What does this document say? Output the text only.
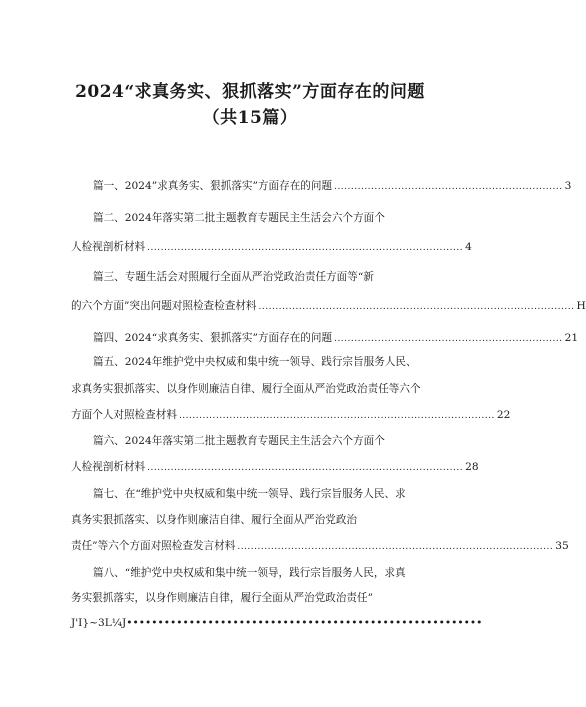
2024“求真务实、狠抓落实”方面存在的问题
（共15篇）
篇一、2024”求真务实、狠抓落实”方面存在的问题 .................................................................... 3
篇二、2024年落实第二批主题教育专题民主生活会六个方面个
人检视剖析材料 .............................................................................................. 4
篇三、专题生活会对照履行全面从严治党政治责任方面等“新
的六个方面”突出问题对照检查检查材料 .............................................................................................. H
篇四、2024“求真务实、狠抓落实”方面存在的问题 .................................................................... 21
篇五、2024年维护党中央权威和集中统一领导、践行宗旨服务人民、
求真务实狠抓落实、以身作则廉洁自律、履行全面从严治党政治责任等六个
方面个人对照检查材料 .............................................................................................. 22
篇六、2024年落实第二批主题教育专题民主生活会六个方面个
人检视剖析材料 .............................................................................................. 28
篇七、在“维护党中央权威和集中统一领导、践行宗旨服务人民、求
真务实狠抓落实、以身作则廉洁自律、履行全面从严治党政治
责任”等六个方面对照检查发言材料 .............................................................................................. 35
篇八、“维护党中央权威和集中统一领导，践行宗旨服务人民，求真
务实狠抓落实，以身作则廉洁自律，履行全面从严治党政治责任”
J'I}~3L¼J•••••••••••••••••••••••••••••••••••••••••••••••••••••••••
